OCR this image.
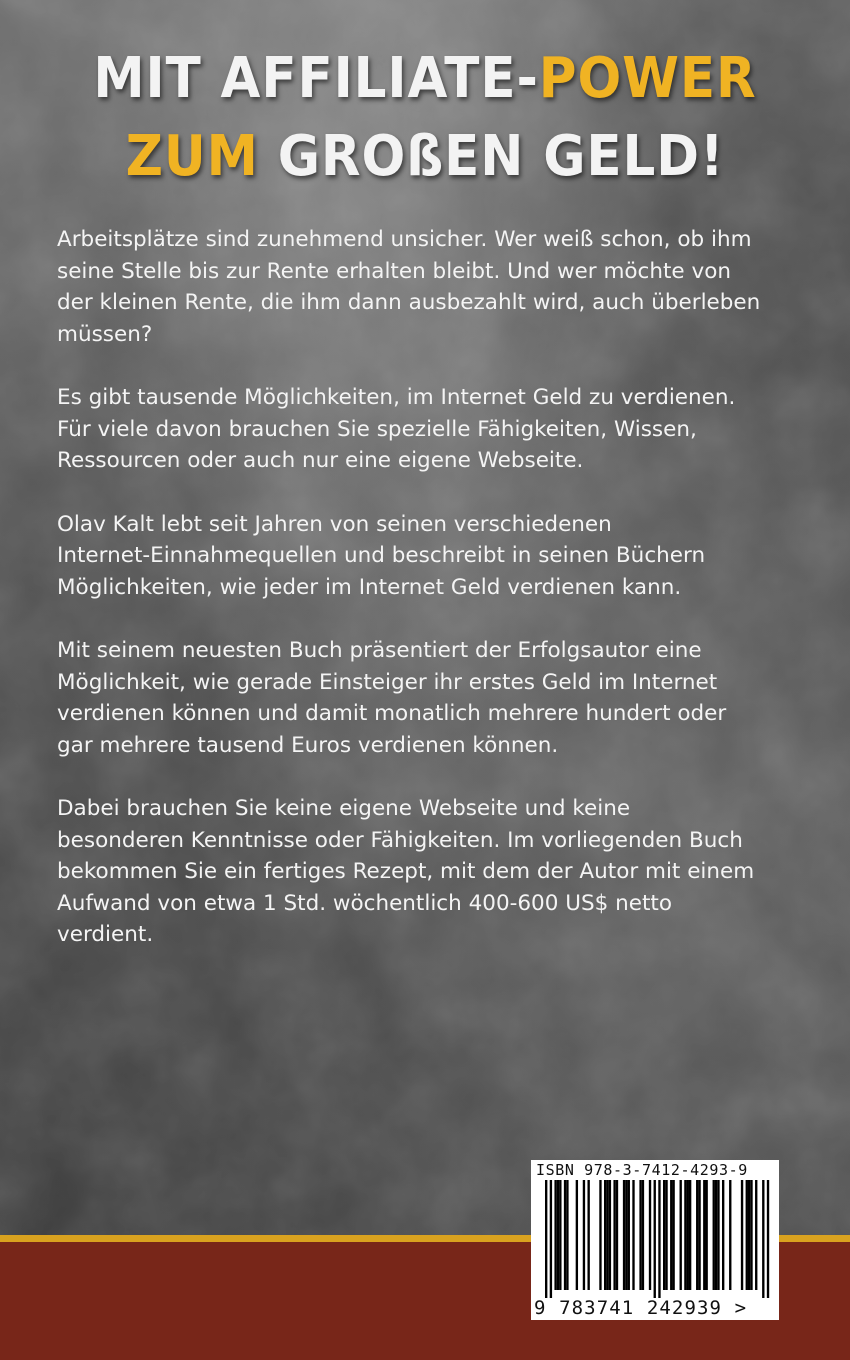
MIT AFFILIATE-POWER
ZUM GROßEN GELD!

Arbeitsplätze sind zunehmend unsicher. Wer weiß schon, ob ihm
seine Stelle bis zur Rente erhalten bleibt. Und wer möchte von
der kleinen Rente, die ihm dann ausbezahlt wird, auch überleben
müssen?

Es gibt tausende Möglichkeiten, im Internet Geld zu verdienen.
Für viele davon brauchen Sie spezielle Fähigkeiten, Wissen,
Ressourcen oder auch nur eine eigene Webseite.

Olav Kalt lebt seit Jahren von seinen verschiedenen
Internet-Einnahmequellen und beschreibt in seinen Büchern
Möglichkeiten, wie jeder im Internet Geld verdienen kann.

Mit seinem neuesten Buch präsentiert der Erfolgsautor eine
Möglichkeit, wie gerade Einsteiger ihr erstes Geld im Internet
verdienen können und damit monatlich mehrere hundert oder
gar mehrere tausend Euros verdienen können.

Dabei brauchen Sie keine eigene Webseite und keine
besonderen Kenntnisse oder Fähigkeiten. Im vorliegenden Buch
bekommen Sie ein fertiges Rezept, mit dem der Autor mit einem
Aufwand von etwa 1 Std. wöchentlich 400-600 US$ netto
verdient.

ISBN 978-3-7412-4293-9
9 783741 242939 >
